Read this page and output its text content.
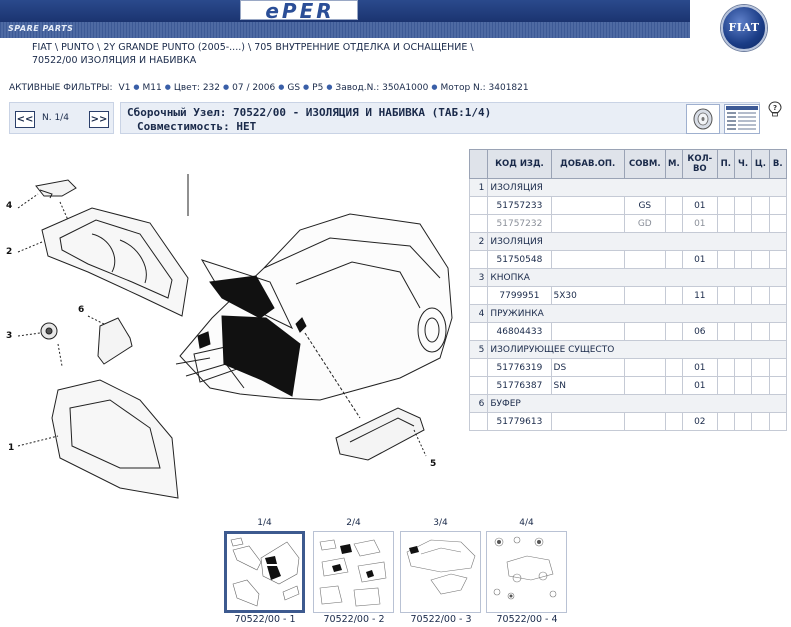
SPARE PARTS
ePER
FIAT
FIAT \ PUNTO \ 2Y GRANDE PUNTO (2005-....) \ 705 ВНУТРЕННИЕ ОТДЕЛКА И ОСНАЩЕНИЕ \
70522/00 ИЗОЛЯЦИЯ И НАБИВКА
АКТИВНЫЕ ФИЛЬТРЫ: V1 ● M11 ● Цвет: 232 ● 07 / 2006 ● GS ● P5 ● Завод.N.: 350A1000 ● Мотор N.: 3401821
<< N. 1/4 >>
Сборочный Узел: 70522/00 - ИЗОЛЯЦИЯ И НАБИВКА (ТАБ:1/4)
Совместимость: НЕТ
?
4
2
6
3
1
5
	КОД ИЗД.	ДОБАВ.ОП.	СОВМ.	М.	КОЛ-ВО	П.	Ч.	Ц.	В.
1	ИЗОЛЯЦИЯ								
	51757233		GS		01				
	51757232		GD		01				
2	ИЗОЛЯЦИЯ								
	51750548				01				
3	КНОПКА								
	7799951	5X30			11				
4	ПРУЖИНКА								
	46804433				06				
5	ИЗОЛИРУЮЩЕЕ СУЩЕСТО								
	51776319	DS			01				
	51776387	SN			01				
6	БУФЕР								
	51779613				02				
1/4
70522/00 - 1
2/4
70522/00 - 2
3/4
70522/00 - 3
4/4
70522/00 - 4
